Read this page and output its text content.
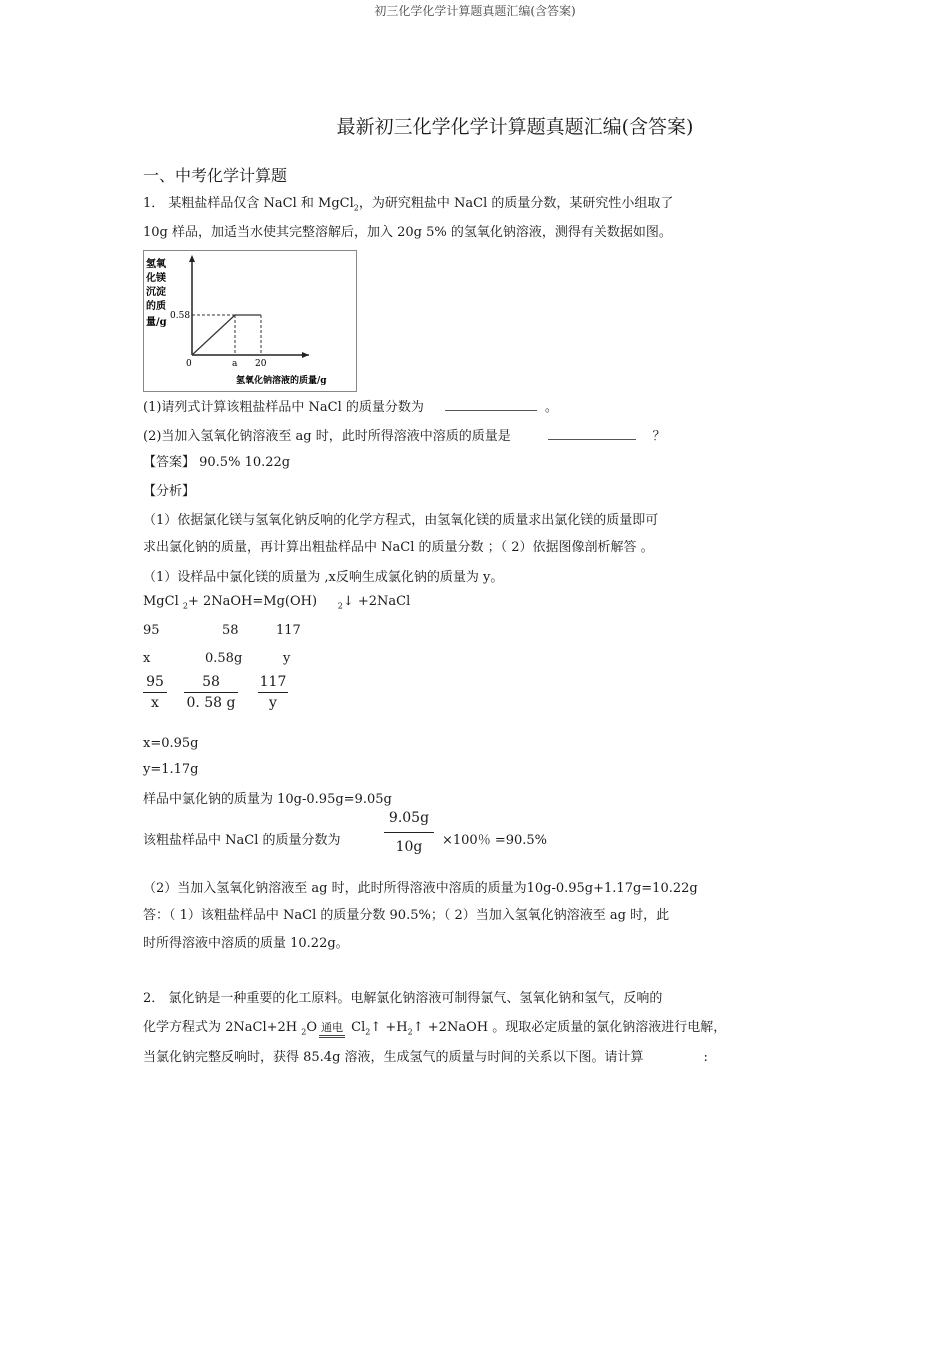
初三化学化学计算题真题汇编(含答案)
最新初三化学化学计算题真题汇编(含答案)
一、中考化学计算题
1． 某粗盐样品仅含 NaCl 和 MgCl$_2$，为研究粗盐中 NaCl 的质量分数，某研究性小组取了
10g 样品，加适当水使其完整溶解后，加入 20g 5% 的氢氧化钠溶液，测得有关数据如图。
氢氧
化镁
沉淀
的质
量/g
0.58
0	a 20
氢氧化钠溶液的质量/g
(1)请列式计算该粗盐样品中 NaCl 的质量分数为	。
(2)当加入氢氧化钠溶液至 ag 时，此时所得溶液中溶质的质量是	？
【答案】 90.5% 10.22g
【分析】
（1）依据氯化镁与氢氧化钠反响的化学方程式，由氢氧化镁的质量求出氯化镁的质量即可
求出氯化钠的质量，再计算出粗盐样品中 NaCl 的质量分数 ；（ 2）依据图像剖析解答 。
（1）设样品中氯化镁的质量为 ,x反响生成氯化钠的质量为 y。
MgCl $_2$+ 2NaOH=Mg(OH)	$_2$↓ +2NaCl
95	58	117
x	0.58g	y
95
x
58
0. 58 g
117
y
x=0.95g
y=1.17g
样品中氯化钠的质量为 10g-0.95g=9.05g
该粗盐样品中 NaCl 的质量分数为
9.05g
10g	×100％ =90.5%
（2）当加入氢氧化钠溶液至 ag 时，此时所得溶液中溶质的质量为10g-0.95g+1.17g=10.22g
答：（ 1）该粗盐样品中 NaCl 的质量分数 90.5%；（ 2）当加入氢氧化钠溶液至 ag 时，此
时所得溶液中溶质的质量 10.22g。
2． 氯化钠是一种重要的化工原料。电解氯化钠溶液可制得氯气、氢氧化钠和氢气，反响的
化学方程式为 2NaCl+2H $_2$O 通电 $Cl_2↑$ $+H_2↑$ +2NaOH 。现取必定质量的氯化钠溶液进行电解，
当氯化钠完整反响时，获得 85.4g 溶液，生成氢气的质量与时间的关系以下图。请计算	:
